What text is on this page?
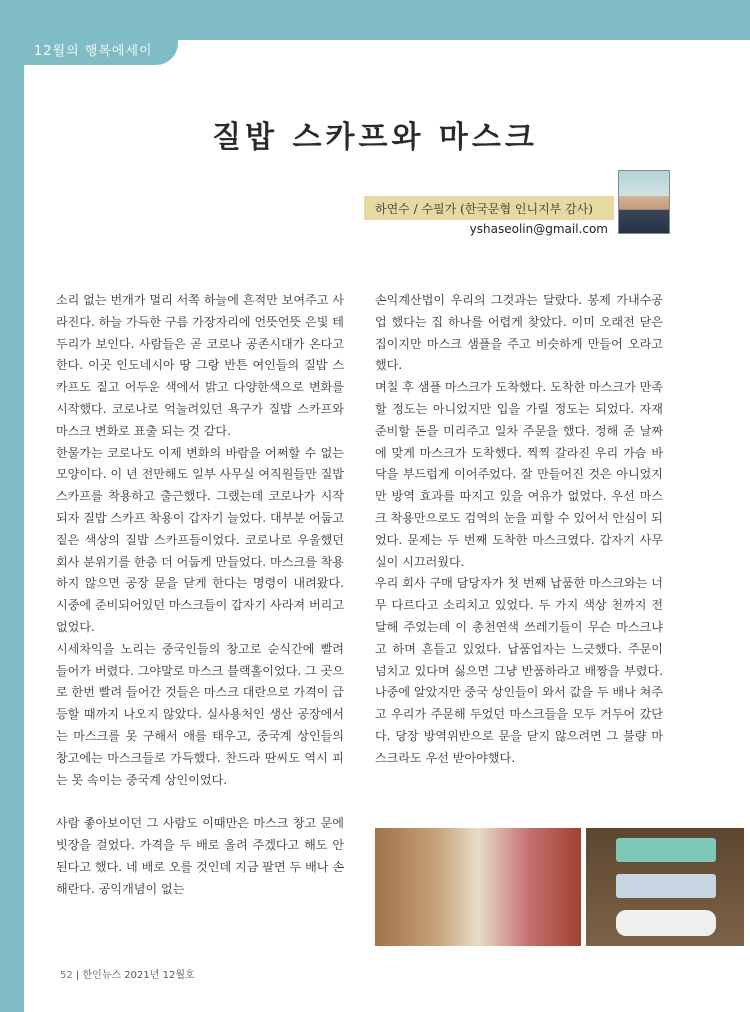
12월의 행복에세이
질밥 스카프와 마스크
하연수 / 수필가 (한국문협 인니지부 감사)
yshaseolin@gmail.com

소리 없는 번개가 멀리 서쪽 하늘에 흔적만 보여주고 사라진다. 하늘 가득한 구름 가장자리에 언뜻언뜻 은빛 테두리가 보인다. 사람들은 곧 코로나 공존시대가 온다고 한다. 이곳 인도네시아 땅 그랑 반튼 여인들의 질밥 스카프도 짙고 어두운 색에서 밝고 다양한색으로 변화를 시작했다. 코로나로 억눌려있던 욕구가 질밥 스카프와 마스크 변화로 표출 되는 것 같다.

한물가는 코로나도 이제 변화의 바람을 어쩌할 수 없는 모양이다. 이 년 전만해도 일부 사무실 여직원들만 질밥 스카프를 착용하고 출근했다. 그랬는데 코로나가 시작되자 질밥 스카프 착용이 갑자기 늘었다. 대부분 어둡고 짙은 색상의 질밥 스카프들이었다. 코로나로 우울했던 회사 분위기를 한층 더 어둡게 만들었다. 마스크를 착용하지 않으면 공장 문을 닫게 한다는 명령이 내려왔다. 시중에 준비되어있던 마스크들이 갑자기 사라져 버리고 없었다.

시세차익을 노리는 중국인들의 창고로 순식간에 빨려 들어가 버렸다. 그야말로 마스크 블랙홀이었다. 그 곳으로 한번 빨려 들어간 것들은 마스크 대란으로 가격이 급등할 때까지 나오지 않았다. 실사용처인 생산 공장에서는 마스크를 못 구해서 애를 태우고, 중국계 상인들의 창고에는 마스크들로 가득했다. 찬드라 딴씨도 역시 피는 못 속이는 중국계 상인이었다.

사람 좋아보이던 그 사람도 이때만은 마스크 창고 문에 빗장을 걸었다. 가격을 두 배로 올려 주겠다고 해도 안 된다고 했다. 네 배로 오를 것인데 지금 팔면 두 배나 손해란다. 공익개념이 없는

손익계산법이 우리의 그것과는 달랐다. 봉제 가내수공업 했다는 집 하나를 어렵게 찾았다. 이미 오래전 닫은 집이지만 마스크 샘플을 주고 비슷하게 만들어 오라고 했다.

며칠 후 샘플 마스크가 도착했다. 도착한 마스크가 만족할 정도는 아니었지만 입을 가릴 정도는 되었다. 자재 준비할 돈을 미리주고 일차 주문을 했다. 정해 준 날짜에 맞게 마스크가 도착했다. 찍찍 갈라진 우리 가슴 바닥을 부드럽게 이어주었다. 잘 만들어진 것은 아니었지만 방역 효과를 따지고 있을 여유가 없었다. 우선 마스크 착용만으로도 검역의 눈을 피할 수 있어서 안심이 되었다. 문제는 두 번째 도착한 마스크였다. 갑자기 사무실이 시끄러웠다.

우리 회사 구매 담당자가 첫 번째 납품한 마스크와는 너무 다르다고 소리치고 있었다. 두 가지 색상 천까지 전달해 주었는데 이 총천연색 쓰레기들이 무슨 마스크냐고 하며 흔들고 있었다. 납품업자는 느긋했다. 주문이 넘치고 있다며 싫으면 그냥 반품하라고 배짱을 부렸다. 나중에 알았지만 중국 상인들이 와서 값을 두 배나 쳐주고 우리가 주문해 두었던 마스크들을 모두 거두어 갔단다. 당장 방역위반으로 문을 닫지 않으려면 그 불량 마스크라도 우선 받아야했다.

52 | 한인뉴스 2021년 12월호
